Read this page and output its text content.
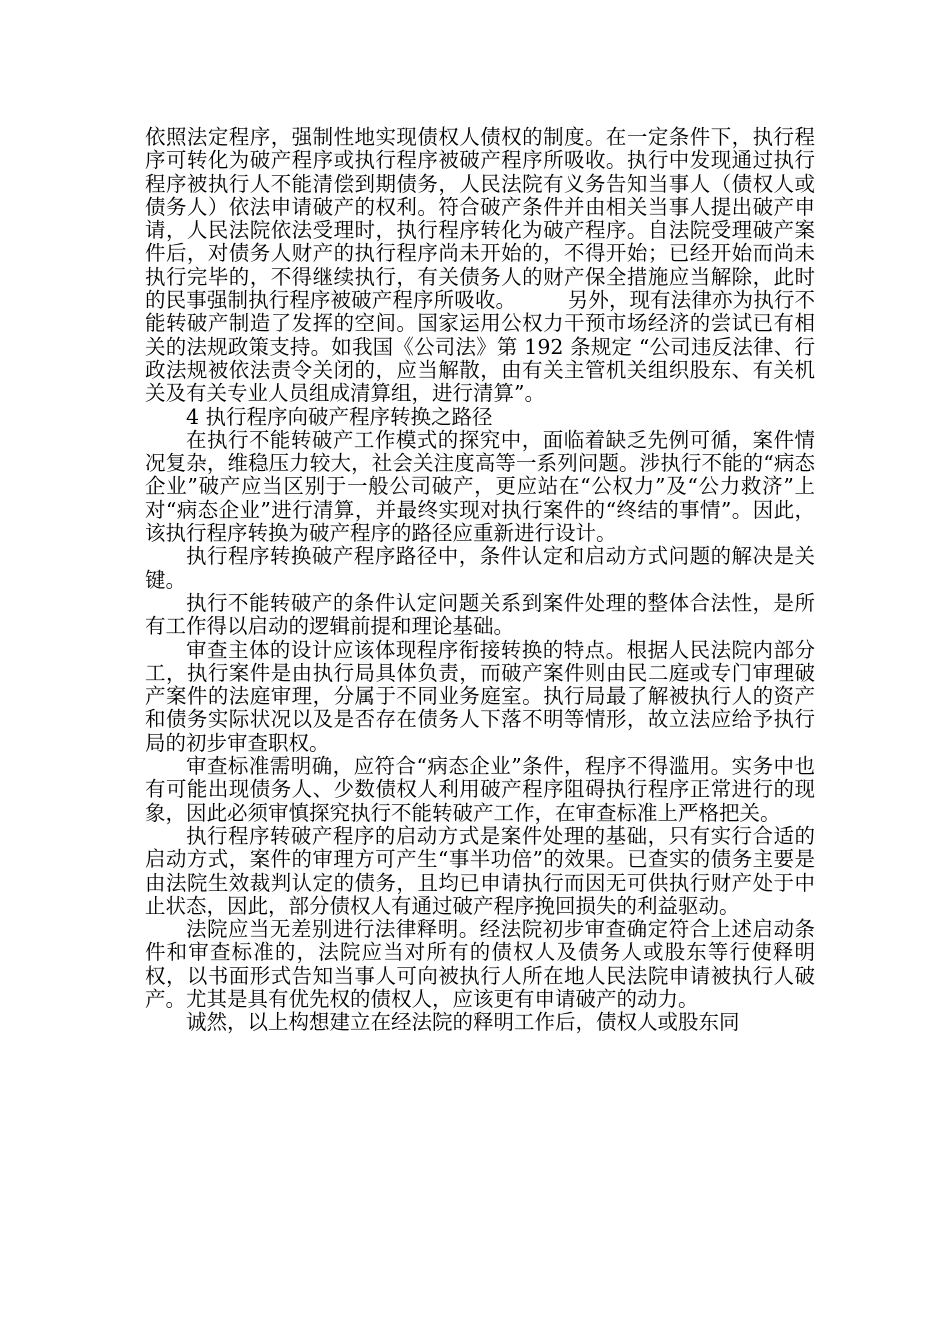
依照法定程序，强制性地实现债权人债权的制度。在一定条件下，执行程序可转化为破产程序或执行程序被破产程序所吸收。执行中发现通过执行程序被执行人不能清偿到期债务，人民法院有义务告知当事人（债权人或债务人）依法申请破产的权利。符合破产条件并由相关当事人提出破产申请，人民法院依法受理时，执行程序转化为破产程序。自法院受理破产案件后，对债务人财产的执行程序尚未开始的，不得开始；已经开始而尚未执行完毕的，不得继续执行，有关债务人的财产保全措施应当解除，此时的民事强制执行程序被破产程序所吸收。　　　另外，现有法律亦为执行不能转破产制造了发挥的空间。国家运用公权力干预市场经济的尝试已有相关的法规政策支持。如我国《公司法》第 192 条规定 “公司违反法律、行政法规被依法责令关闭的，应当解散，由有关主管机关组织股东、有关机关及有关专业人员组成清算组，进行清算”。

4 执行程序向破产程序转换之路径

在执行不能转破产工作模式的探究中，面临着缺乏先例可循，案件情况复杂，维稳压力较大，社会关注度高等一系列问题。涉执行不能的“病态企业”破产应当区别于一般公司破产，更应站在“公权力”及“公力救济”上对“病态企业”进行清算，并最终实现对执行案件的“终结的事情”。因此，该执行程序转换为破产程序的路径应重新进行设计。

执行程序转换破产程序路径中，条件认定和启动方式问题的解决是关键。

执行不能转破产的条件认定问题关系到案件处理的整体合法性，是所有工作得以启动的逻辑前提和理论基础。

审查主体的设计应该体现程序衔接转换的特点。根据人民法院内部分工，执行案件是由执行局具体负责，而破产案件则由民二庭或专门审理破产案件的法庭审理，分属于不同业务庭室。执行局最了解被执行人的资产和债务实际状况以及是否存在债务人下落不明等情形，故立法应给予执行局的初步审查职权。

审查标准需明确，应符合“病态企业”条件，程序不得滥用。实务中也有可能出现债务人、少数债权人利用破产程序阻碍执行程序正常进行的现象，因此必须审慎探究执行不能转破产工作，在审查标准上严格把关。

执行程序转破产程序的启动方式是案件处理的基础，只有实行合适的启动方式，案件的审理方可产生“事半功倍”的效果。已查实的债务主要是由法院生效裁判认定的债务，且均已申请执行而因无可供执行财产处于中止状态，因此，部分债权人有通过破产程序挽回损失的利益驱动。

法院应当无差别进行法律释明。经法院初步审查确定符合上述启动条件和审查标准的，法院应当对所有的债权人及债务人或股东等行使释明权，以书面形式告知当事人可向被执行人所在地人民法院申请被执行人破产。尤其是具有优先权的债权人，应该更有申请破产的动力。

诚然，以上构想建立在经法院的释明工作后，债权人或股东同
